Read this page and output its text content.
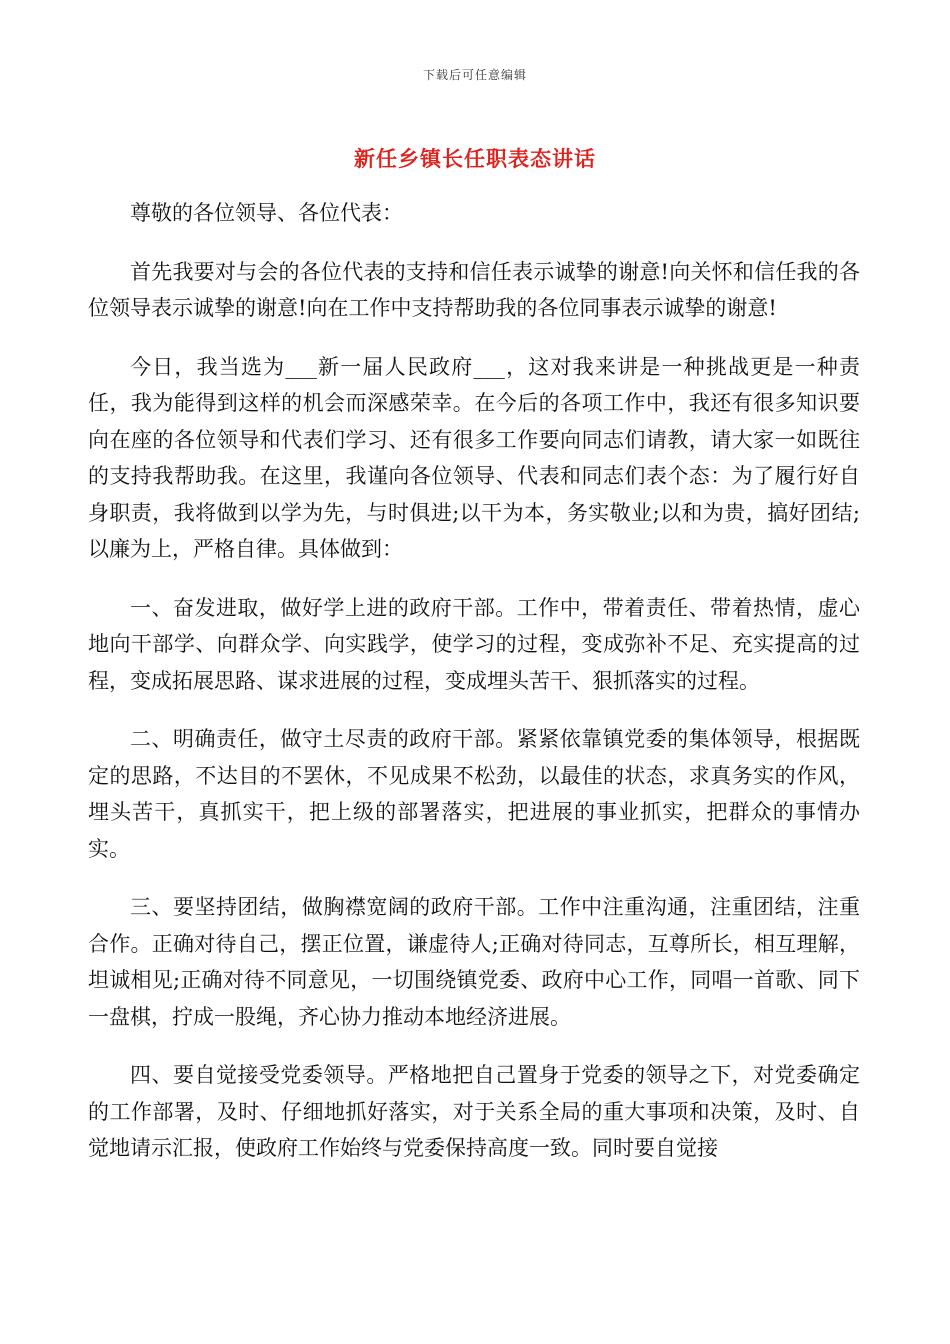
下载后可任意编辑
新任乡镇长任职表态讲话

尊敬的各位领导、各位代表：

首先我要对与会的各位代表的支持和信任表示诚挚的谢意!向关怀和信任我的各位领导表示诚挚的谢意!向在工作中支持帮助我的各位同事表示诚挚的谢意!

今日，我当选为___新一届人民政府___，这对我来讲是一种挑战更是一种责任，我为能得到这样的机会而深感荣幸。在今后的各项工作中，我还有很多知识要向在座的各位领导和代表们学习、还有很多工作要向同志们请教，请大家一如既往的支持我帮助我。在这里，我谨向各位领导、代表和同志们表个态：为了履行好自身职责，我将做到以学为先，与时俱进;以干为本，务实敬业;以和为贵，搞好团结;以廉为上，严格自律。具体做到：

一、奋发进取，做好学上进的政府干部。工作中，带着责任、带着热情，虚心地向干部学、向群众学、向实践学，使学习的过程，变成弥补不足、充实提高的过程，变成拓展思路、谋求进展的过程，变成埋头苦干、狠抓落实的过程。

二、明确责任，做守土尽责的政府干部。紧紧依靠镇党委的集体领导，根据既定的思路，不达目的不罢休，不见成果不松劲，以最佳的状态，求真务实的作风，埋头苦干，真抓实干，把上级的部署落实，把进展的事业抓实，把群众的事情办实。

三、要坚持团结，做胸襟宽阔的政府干部。工作中注重沟通，注重团结，注重合作。正确对待自己，摆正位置，谦虚待人;正确对待同志，互尊所长，相互理解，坦诚相见;正确对待不同意见，一切围绕镇党委、政府中心工作，同唱一首歌、同下一盘棋，拧成一股绳，齐心协力推动本地经济进展。

四、要自觉接受党委领导。严格地把自己置身于党委的领导之下，对党委确定的工作部署，及时、仔细地抓好落实，对于关系全局的重大事项和决策，及时、自觉地请示汇报，使政府工作始终与党委保持高度一致。同时要自觉接
